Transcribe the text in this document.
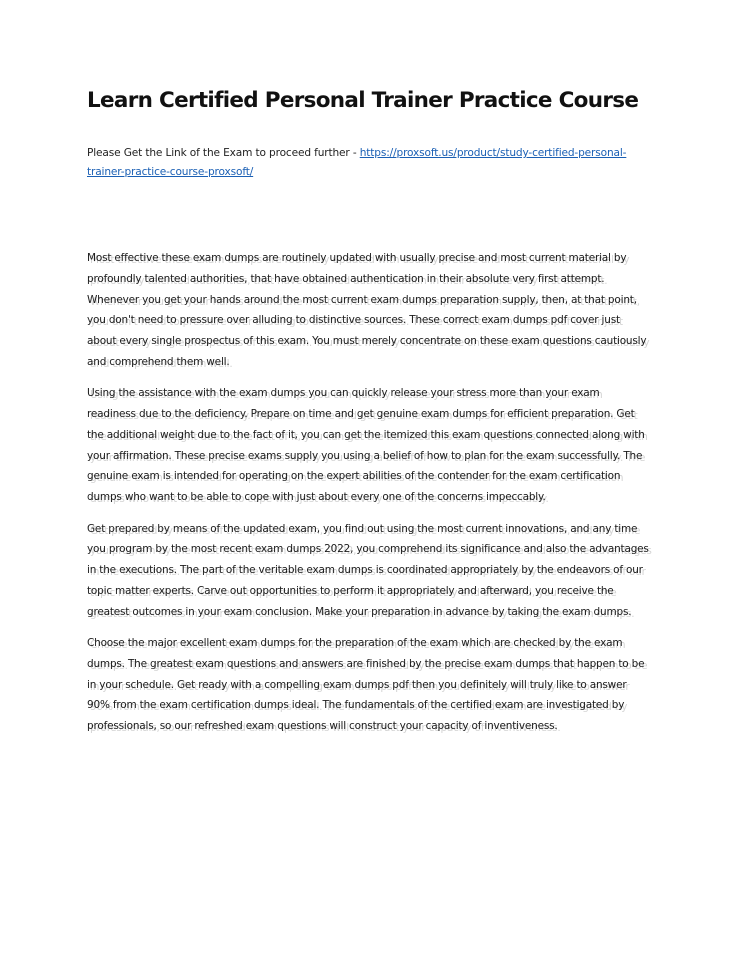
Learn Certified Personal Trainer Practice Course

Please Get the Link of the Exam to proceed further - https://proxsoft.us/product/study-certified-personal-trainer-practice-course-proxsoft/

Most effective these exam dumps are routinely updated with usually precise and most current material by profoundly talented authorities, that have obtained authentication in their absolute very first attempt. Whenever you get your hands around the most current exam dumps preparation supply, then, at that point, you don't need to pressure over alluding to distinctive sources. These correct exam dumps pdf cover just about every single prospectus of this exam. You must merely concentrate on these exam questions cautiously and comprehend them well.

Using the assistance with the exam dumps you can quickly release your stress more than your exam readiness due to the deficiency. Prepare on time and get genuine exam dumps for efficient preparation. Get the additional weight due to the fact of it, you can get the itemized this exam questions connected along with your affirmation. These precise exams supply you using a belief of how to plan for the exam successfully. The genuine exam is intended for operating on the expert abilities of the contender for the exam certification dumps who want to be able to cope with just about every one of the concerns impeccably.

Get prepared by means of the updated exam, you find out using the most current innovations, and any time you program by the most recent exam dumps 2022, you comprehend its significance and also the advantages in the executions. The part of the veritable exam dumps is coordinated appropriately by the endeavors of our topic matter experts. Carve out opportunities to perform it appropriately and afterward, you receive the greatest outcomes in your exam conclusion. Make your preparation in advance by taking the exam dumps.

Choose the major excellent exam dumps for the preparation of the exam which are checked by the exam dumps. The greatest exam questions and answers are finished by the precise exam dumps that happen to be in your schedule. Get ready with a compelling exam dumps pdf then you definitely will truly like to answer 90% from the exam certification dumps ideal. The fundamentals of the certified exam are investigated by professionals, so our refreshed exam questions will construct your capacity of inventiveness.
